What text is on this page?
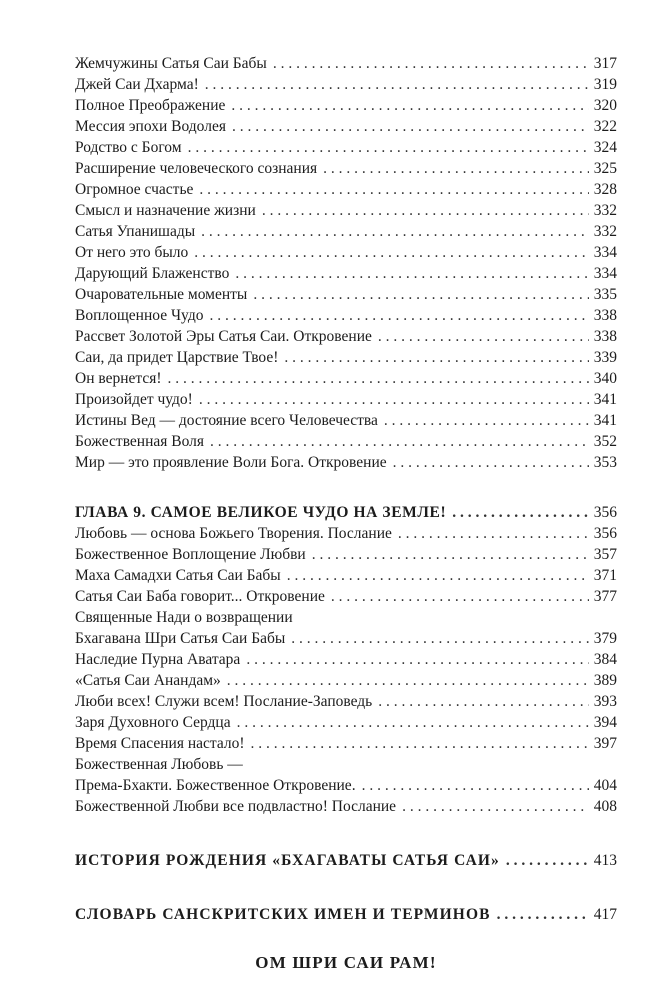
Жемчужины Сатья Саи Бабы . . .	317
Джей Саи Дхарма! . . .	319
Полное Преображение . . .	320
Мессия эпохи Водолея . . .	322
Родство с Богом . . .	324
Расширение человеческого сознания . . .	325
Огромное счастье . . .	328
Смысл и назначение жизни . . .	332
Сатья Упанишады . . .	332
От него это было . . .	334
Дарующий Блаженство . . .	334
Очаровательные моменты . . .	335
Воплощенное Чудо . . .	338
Рассвет Золотой Эры Сатья Саи. Откровение . . .	338
Саи, да придет Царствие Твое! . . .	339
Он вернется! . . .	340
Произойдет чудо! . . .	341
Истины Вед — достояние всего Человечества . . .	341
Божественная Воля . . .	352
Мир — это проявление Воли Бога. Откровение . . .	353
ГЛАВА 9. САМОЕ ВЕЛИКОЕ ЧУДО НА ЗЕМЛЕ! . . .	356
Любовь — основа Божьего Творения. Послание . . .	356
Божественное Воплощение Любви . . .	357
Маха Самадхи Сатья Саи Бабы . . .	371
Сатья Саи Баба говорит... Откровение . . .	377
Священные Нади о возвращении
Бхагавана Шри Сатья Саи Бабы . . .	379
Наследие Пурна Аватара . . .	384
«Сатья Саи Анандам» . . .	389
Люби всех! Служи всем! Послание-Заповедь . . .	393
Заря Духовного Сердца . . .	394
Время Спасения настало! . . .	397
Божественная Любовь —
Према-Бхакти. Божественное Откровение. . . .	404
Божественной Любви все подвластно! Послание . . .	408
ИСТОРИЯ РОЖДЕНИЯ «БХАГАВАТЫ САТЬЯ САИ» . . .	413
СЛОВАРЬ САНСКРИТСКИХ ИМЕН И ТЕРМИНОВ . . .	417
ОМ ШРИ САИ РАМ!
